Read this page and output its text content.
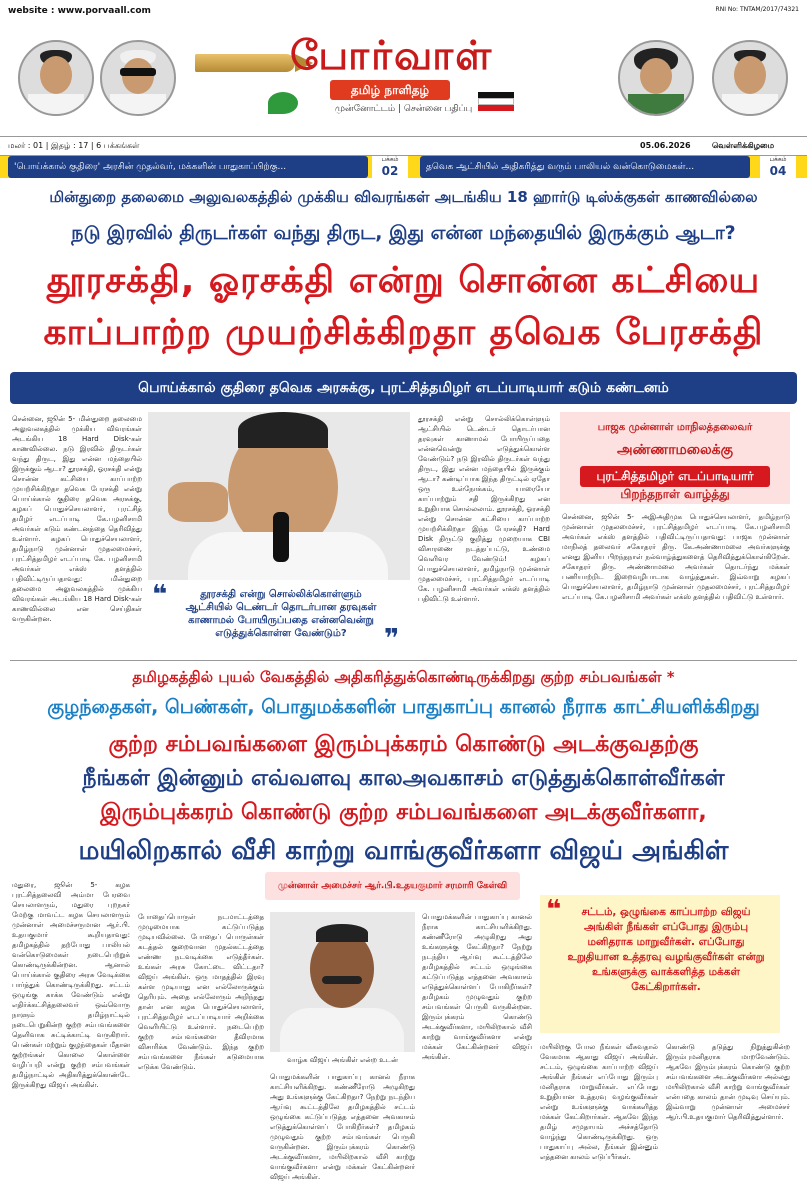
website : www.porvaall.com	RNI No: TNTAM/2017/74321
போர்வாள்
தமிழ் நாளிதழ்
முன்னோட்டம் | சென்னை பதிப்பு
மலர் : 01 | இதழ் : 17 | 6 பக்கங்கள்	05.06.2026	வெள்ளிக்கிழமை
'பொய்க்கால் குதிரை' அரசின் முதல்வர், மக்களின் பாதுகாப்பிற்கு...
பக்கம்
02	தவெக ஆட்சியில் அதிகரித்து வரும் பாலியல் வன்கொடுமைகள்...
பக்கம்
04
மின்துறை தலைமை அலுவலகத்தில் முக்கிய விவரங்கள் அடங்கிய 18 ஹார்டு டிஸ்க்குகள் காணவில்லை
நடு இரவில் திருடர்கள் வந்து திருட, இது என்ன மந்தையில் இருக்கும் ஆடா?
தூரசக்தி, ஓரசக்தி என்று சொன்ன கட்சியை
காப்பாற்ற முயற்சிக்கிறதா தவெக பேரசக்தி
பொய்க்கால் குதிரை தவெக அரசுக்கு, புரட்சித்தமிழர் எடப்பாடியார் கடும் கண்டனம்
சென்னை, ஜூன் 5- மின்துறை தலைமை அலுவலகத்தில் முக்கிய விவரங்கள் அடங்கிய 18 Hard Disk-கள் காணவில்லை. நடு இரவில் திருடர்கள் வந்து திருட, இது என்ன மந்தையில் இருக்கும் ஆடா? தூரசக்தி, ஓரசக்தி என்று சொன்ன கட்சியை காப்பாற்ற முயற்சிக்கிறதா தவெக பேரசக்தி என்று பொய்க்கால் குதிரை தவெக அரசுக்கு, கழகப் பொதுச்செயலாளர், புரட்சித் தமிழர் எடப்பாடி கே.பழனிசாமி அவர்கள் கடும் கண்டனத்தை தெரிவித்து உள்ளார். கழகப் பொதுச்செயலாளர், தமிழ்நாடு முன்னாள் முதலமைச்சர், புரட்சித்தமிழர் எடப்பாடி கே. பழனிசாமி அவர்கள் எக்ஸ் தளத்தில் பதிவிட்டிருப்பதாவது: மின்துறை தலைமை அலுவலகத்தில் முக்கிய விவரங்கள் அடங்கிய 18 Hard Disk-கள் காணவில்லை என செய்திகள் வருகின்றன.
❝	தூரசக்தி என்று சொல்லிக்கொள்ளும் ஆட்சியில் டெண்டர் தொடர்பான தரவுகள் காணாமல் போயிருப்பதை என்னவென்று எடுத்துக்கொள்ள வேண்டும்?	❞
தூரசக்தி என்று சொல்லிக்கொள்ளும் ஆட்சியில் டெண்டர் தொடர்பான தரவுகள் காணாமல் போயிருப்பதை என்னவென்று எடுத்துக்கொள்ள வேண்டும்? நடு இரவில் திருடர்கள் வந்து திருட, இது என்ன மந்தையில் இருக்கும் ஆடா? கண்டிப்பாக இந்த திருட்டில் ஏதோ ஒரு உள்நோக்கம், யாரையோ காப்பாற்றும் சதி இருக்கிறது என உறுதியாக சொல்லலாம். தூரசக்தி, ஓரசக்தி என்று சொன்ன கட்சியை காப்பாற்ற முயற்சிக்கிறதா இந்த பேரசக்தி? Hard Disk திருட்டு குறித்து முறையாக CBI விசாரணை நடத்தப்பட்டு, உண்மை வெளிவர வேண்டும்! கழகப் பொதுச்செயலாளர், தமிழ்நாடு முன்னாள் முதலமைச்சர், புரட்சித்தமிழர் எடப்பாடி கே. பழனிசாமி அவர்கள் எக்ஸ் தளத்தில் பதிவிட்டு உள்ளார்.
பாஜக முன்னாள் மாநிலத்தலைவர்
அண்ணாமலைக்கு
புரட்சித்தமிழர் எடப்பாடியார்
பிறந்தநாள் வாழ்த்து
சென்னை, ஜூன் 5- அஇஅதிமுக பொதுச்செயலாளர், தமிழ்நாடு முன்னாள் முதலமைச்சர், புரட்சித்தமிழர் எடப்பாடி கே.பழனிசாமி அவர்கள் எக்ஸ் தளத்தில் பதிவிட்டிருப்பதாவது: பாஜக முன்னாள் மாநிலத் தலைவர் சகோதரர் திரு. கே.அண்ணாமலை அவர்களுக்கு எனது இனிய பிறந்தநாள் நல்வாழ்த்துகளைத் தெரிவித்துக்கொள்கிறேன். சகோதரர் திரு. அண்ணாமலை அவர்கள் தொடர்ந்து மக்கள் பணியாற்றிட இறைவழிபாடாக வாழ்த்துகள். இவ்வாறு கழகப் பொதுச்செயலாளர், தமிழ்நாடு முன்னாள் முதலமைச்சர், புரட்சித்தமிழர் எடப்பாடி கே.பழனிசாமி அவர்கள் எக்ஸ் தளத்தில் பதிவிட்டு உள்ளார்.
தமிழகத்தில் புயல் வேகத்தில் அதிகரித்துக்கொண்டிருக்கிறது குற்ற சம்பவங்கள் *
குழந்தைகள், பெண்கள், பொதுமக்களின் பாதுகாப்பு கானல் நீராக காட்சியளிக்கிறது
குற்ற சம்பவங்களை இரும்புக்கரம் கொண்டு அடக்குவதற்கு
நீங்கள் இன்னும் எவ்வளவு காலஅவகாசம் எடுத்துக்கொள்வீர்கள்
இரும்புக்கரம் கொண்டு குற்ற சம்பவங்களை அடக்குவீர்களா,
மயிலிறகால் வீசி காற்று வாங்குவீர்களா விஜய் அங்கிள்
முன்னாள் அமைச்சர் ஆர்.பி.உதயகுமார் சரமாரி கேள்வி
மதுரை, ஜூன் 5- கழக புரட்சித்தலைவி அம்மா பேரவை செயலாளரும், மதுரை புறநகர் மேற்கு மாவட்ட கழக செயலாளரும் முன்னாள் அமைச்சருமான ஆர்.பி. உதயகுமார் கூறியதாவது: தமிழகத்தில் தற்போது பாலியல் வன்கொடுமைகள் நடைபெற்றுக் கொண்டிருக்கின்றன. ஆனால் பொய்க்கால் குதிரை அரசு வேடிக்கை பார்த்துக் கொண்டிருக்கிறது. சட்டம் ஒழுங்கு காக்க வேண்டும் என்று எதிர்க்கட்சித்தலைவர் ஒவ்வொரு நாளும் தமிழ்நாட்டில் நடைபெறுகின்ற குற்ற சம்பவங்களை தெளிவாக சுட்டிக்காட்டி வருகிறார். பெண்கள் மற்றும் குழந்தைகள் மீதான குற்றங்கள் கொலை கொள்ளை வழிப்பறி என்று குற்ற சம்பவங்கள் தமிழ்நாட்டில் அதிகரித்துக்கொண்டே இருக்கிறது விஜய் அங்கிள்.
போதைப்பொருள் நடமாட்டத்தை முழுமையாக கட்டுப்படுத்த முடியவில்லை. போதைப் பொருள்கள் கடத்தல் குறைவான முதல்கட்டத்தை எண்ண நடவடிக்கை எடுத்தீர்கள். உங்கள் அரசு கோட்டை விட்டதா? விஜய் அங்கிள். ஒரு மாதத்தில் இரவு கள்ள முடியாது என எல்லோருக்கும் தெரியும். அதை எல்லோரும் அறிந்தது தான் என கழக பொதுச்செயலாளர், புரட்சித்தமிழர் எடப்பாடியார் அறிக்கை வெளியிட்டு உள்ளார். நடைபெற்ற குற்ற சம்பவங்களை தீவிரமாக விசாரிக்க வேண்டும். இந்த குற்ற சம்பவங்களை நீங்கள் கடுமையாக எடுக்க வேண்டும்.
வாழ்க விஜய் அங்கிள் என்ற உடன்
பொதுமக்களின் பாதுகாப்பு கானல் நீராக காட்சியளிக்கிறது. கண்ணீரோடு அழுகிறது அது உங்களுக்கு கேட்கிறதா? நேற்று நடந்திய ஆய்வு கூட்டத்திலே தமிழகத்தில் சட்டம் ஒழுங்கை கட்டுப்படுத்த எத்தனை அவகாசம் எடுத்துக்கொள்ளப் போகிறீர்கள்? தமிழகம் முழுவதும் குற்ற சம்பவங்கள் பெருகி வருகின்றன. இரும்புக்கரம் கொண்டு அடக்குவீர்களா, மயிலிறகால் வீசி காற்று வாங்குவீர்களா என்று மக்கள் கேட்கின்றனர் விஜய் அங்கிள்.
பொதுமக்களின் பாதுகாப்பு கானல் நீராக காட்சியளிக்கிறது. கண்ணீரோடு அழுகிறது அது உங்களுக்கு கேட்கிறதா? நேற்று நடந்திய ஆய்வு கூட்டத்திலே தமிழகத்தில் சட்டம் ஒழுங்கை கட்டுப்படுத்த எத்தனை அவகாசம் எடுத்துக்கொள்ளப் போகிறீர்கள்? தமிழகம் முழுவதும் குற்ற சம்பவங்கள் பெருகி வருகின்றன. இரும்புக்கரம் கொண்டு அடக்குவீர்களா, மயிலிறகால் வீசி காற்று வாங்குவீர்களா என்று மக்கள் கேட்கின்றனர் விஜய் அங்கிள்.
❝	சட்டம், ஒழுங்கை காப்பாற்ற விஜய் அங்கிள் நீங்கள் எப்போது இரும்பு மனிதராக மாறுவீர்கள். எப்போது உறுதியான உத்தரவு வழங்குவீர்கள் என்று உங்களுக்கு வாக்களித்த மக்கள் கேட்கிறார்கள்.
மயிலிறகு போல நீங்கள் வீசுவதால் வேகமாக ஆகாது விஜய் அங்கிள். சட்டம், ஒழுங்கை காப்பாற்ற விஜய் அங்கிள் நீங்கள் எப்போது இரும்பு மனிதராக மாறுவீர்கள். எப்போது உறுதியான உத்தரவு வழங்குவீர்கள் என்று உங்களுக்கு வாக்களித்த மக்கள் கேட்கிறார்கள். ஆகவே இந்த தமிழ் சமுதாயம் அச்சத்தோடு வாழ்ந்து கொண்டிருக்கிறது. ஒரு பாதுகாப்பு அல்ல, நீங்கள் இன்னும் எத்தனை காலம் எடுப்பீர்கள்.
கொண்டு தடுத்து நிறுத்துகின்ற இரும்புமனிதராக மாறவேண்டும். ஆகவே இரும்புக்கரம் கொண்டு குற்ற சம்பவங்களை அடக்குவீர்களா அல்லது மயிலிறகால் வீசி காற்று வாங்குவீர்கள் என்பதை காலம் தான் முடிவு செய்யும். இவ்வாறு முன்னாள் அமைச்சர் ஆர்.பி.உதயகுமார் தெரிவித்துள்ளார்.
